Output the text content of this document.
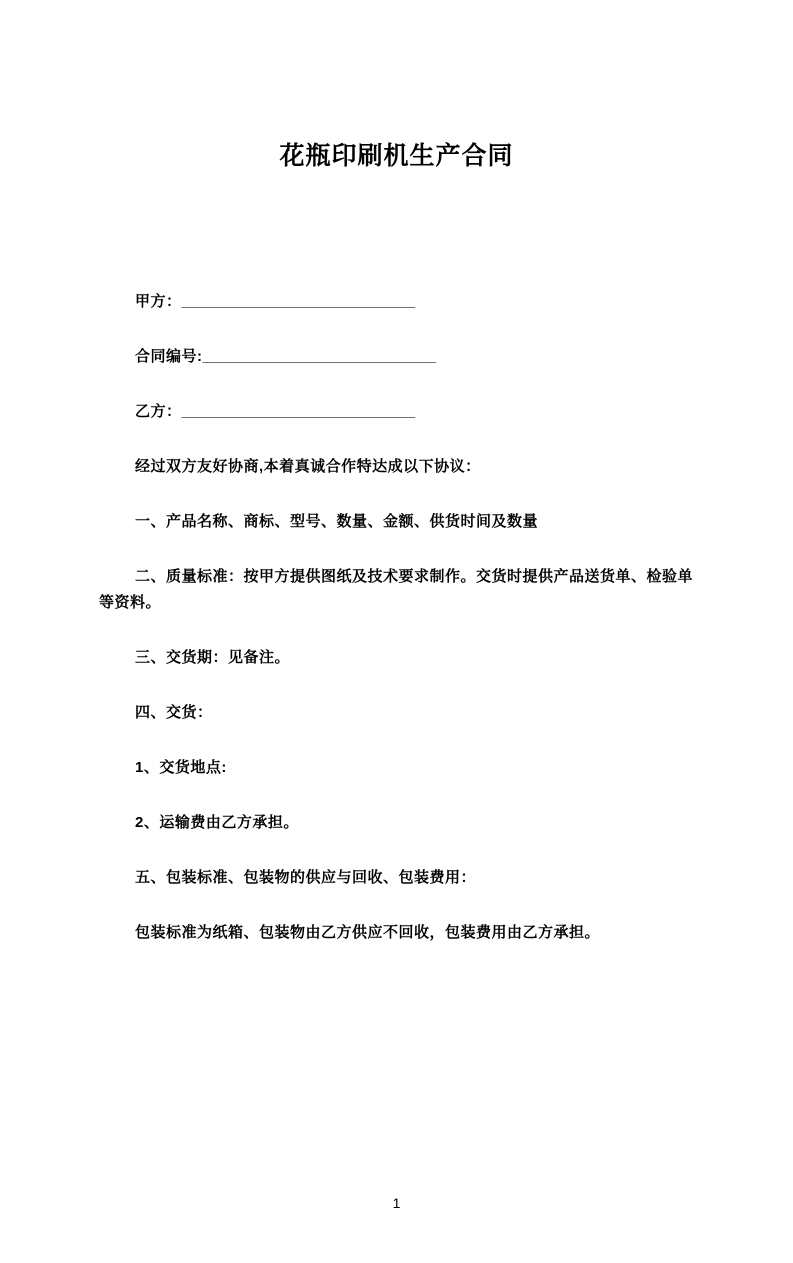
花瓶印刷机生产合同

甲方：____________________________

合同编号:____________________________

乙方：____________________________

经过双方友好协商,本着真诚合作特达成以下协议：

一、产品名称、商标、型号、数量、金额、供货时间及数量

二、质量标准：按甲方提供图纸及技术要求制作。交货时提供产品送货单、检验单等资料。

三、交货期：见备注。

四、交货：

1、交货地点:

2、运输费由乙方承担。

五、包装标准、包装物的供应与回收、包装费用：

包装标准为纸箱、包装物由乙方供应不回收，包装费用由乙方承担。

1
